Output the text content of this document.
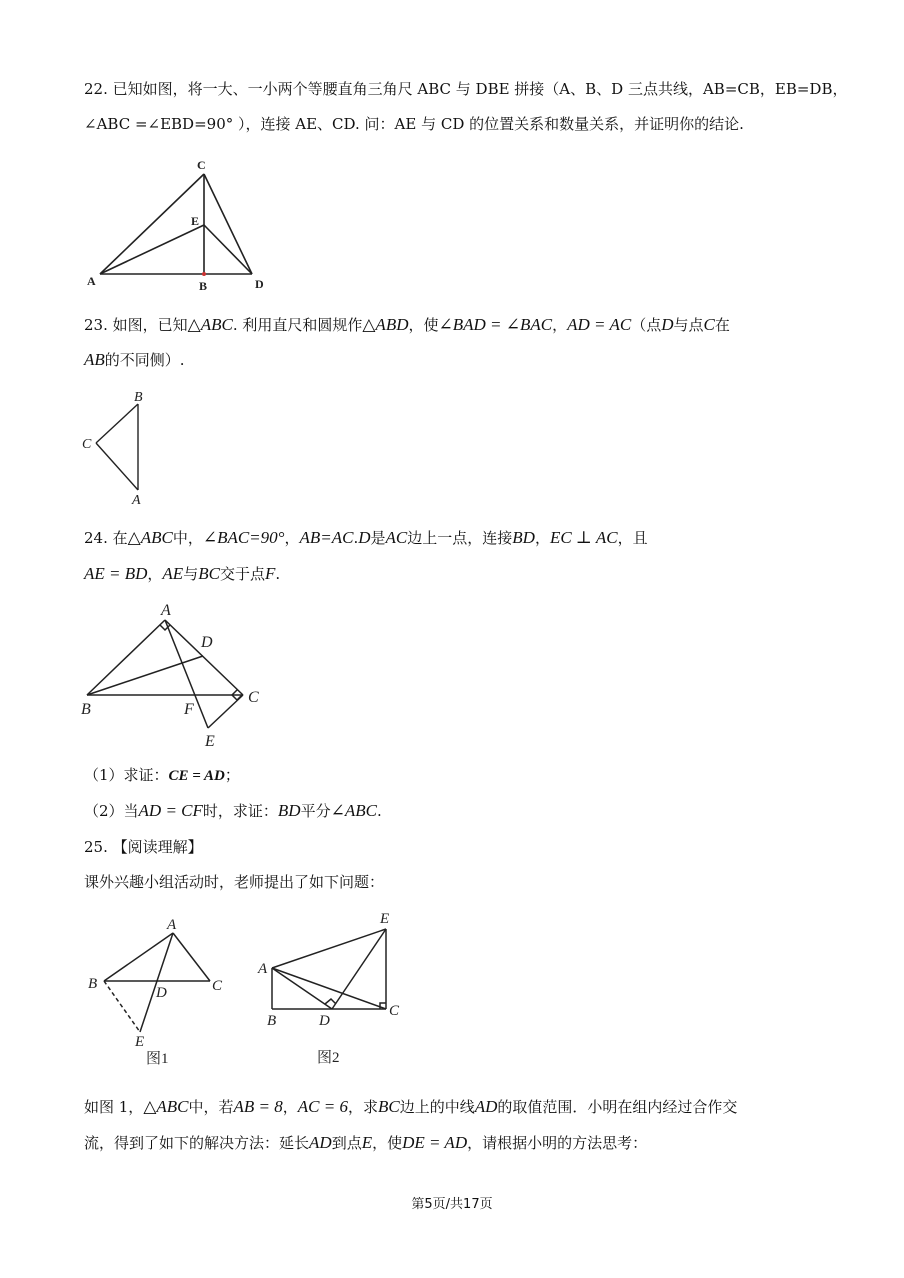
22. 已知如图，将一大、一小两个等腰直角三角尺 ABC 与 DBE 拼接（A、B、D 三点共线，AB=CB，EB=DB，
∠ABC =∠EBD=90° ），连接 AE、CD. 问：AE 与 CD 的位置关系和数量关系，并证明你的结论.
C
E
A	B	D
23. 如图，已知△ABC. 利用直尺和圆规作△ABD，使∠BAD = ∠BAC，AD = AC（点D与点C在
AB的不同侧）.
B
C
A
24. 在△ABC中，∠BAC=90°，AB=AC.D是AC边上一点，连接BD，EC ⊥ AC，且
AE = BD，AE与BC交于点F.
A
D
C
B	F
E
（1）求证：CE = AD；
（2）当AD = CF时，求证：BD平分∠ABC.
25. 【阅读理解】
课外兴趣小组活动时，老师提出了如下问题：
A
B	C
D
E
图1
E
A
B	D
C
图2
如图 1，△ABC中，若AB = 8，AC = 6，求BC边上的中线AD的取值范围．小明在组内经过合作交
流，得到了如下的解决方法：延长AD到点E，使DE = AD，请根据小明的方法思考：
第5页/共17页
